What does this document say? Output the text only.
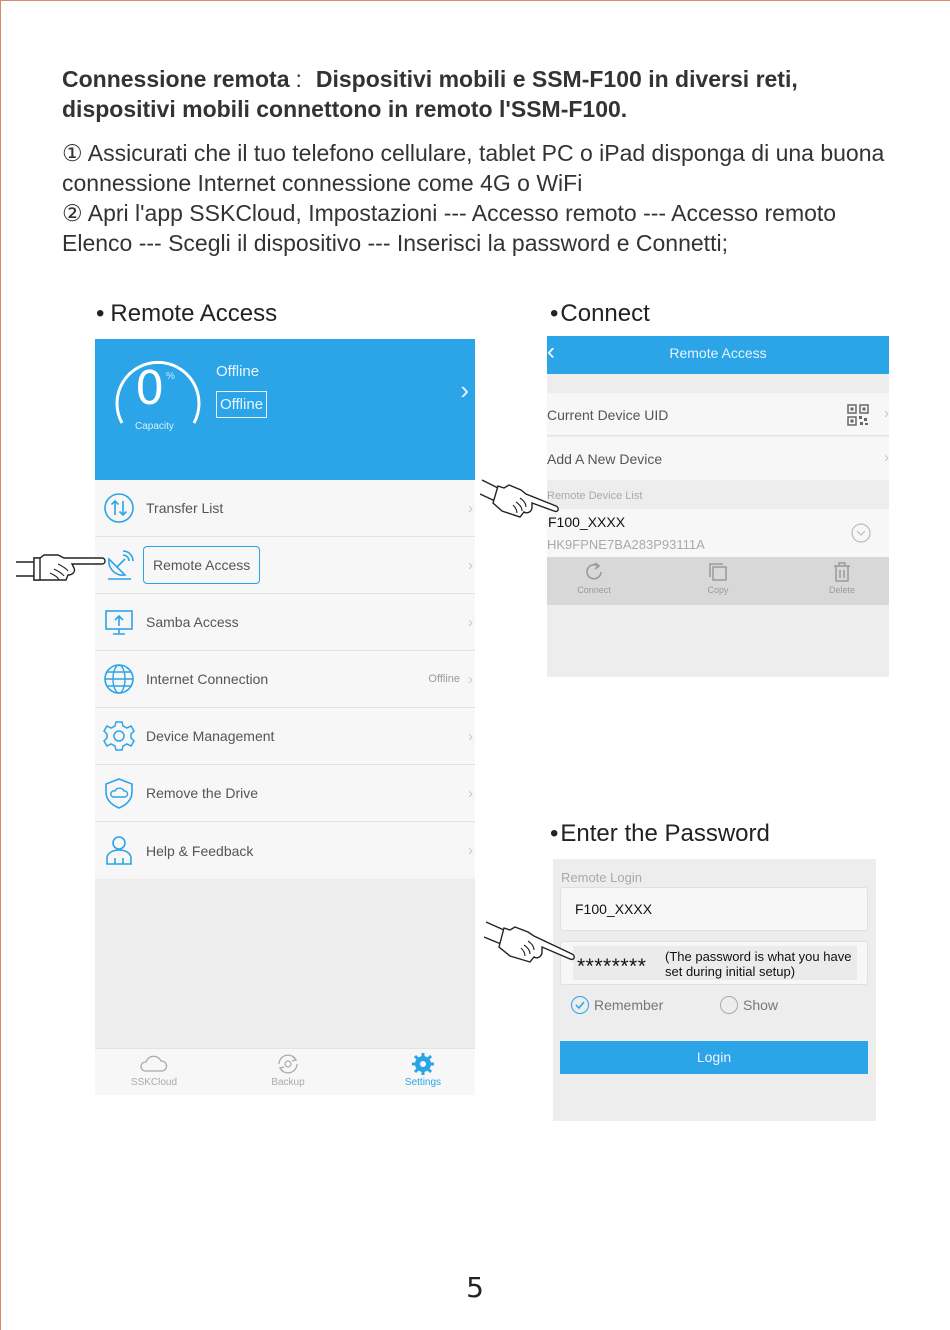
Connessione remota : Dispositivi mobili e SSM-F100 in diversi reti, dispositivi mobili connettono in remoto l'SSM-F100.
① Assicurati che il tuo telefono cellulare, tablet PC o iPad disponga di una buona connessione Internet connessione come 4G o WiFi
② Apri l'app SSKCloud, Impostazioni --- Accesso remoto --- Accesso remoto Elenco --- Scegli il dispositivo --- Inserisci la password e Connetti;
• Remote Access	•Connect
•Enter the Password
0 %
Capacity
Offline
Offline	›
Transfer List	›
Remote Access	›
Samba Access	›
Internet Connection	Offline ›
Device Management	›
Remove the Drive	›
Help & Feedback	›
SSKCloud	Backup	Settings
‹	Remote Access
Current Device UID	›
Add A New Device	›
Remote Device List
F100_XXXX
HK9FPNE7BA283P93111A
Connect	Copy	Delete
Remote Login
F100_XXXX
******** (The password is what you have set during initial setup)
Remember	Show
Login
5
